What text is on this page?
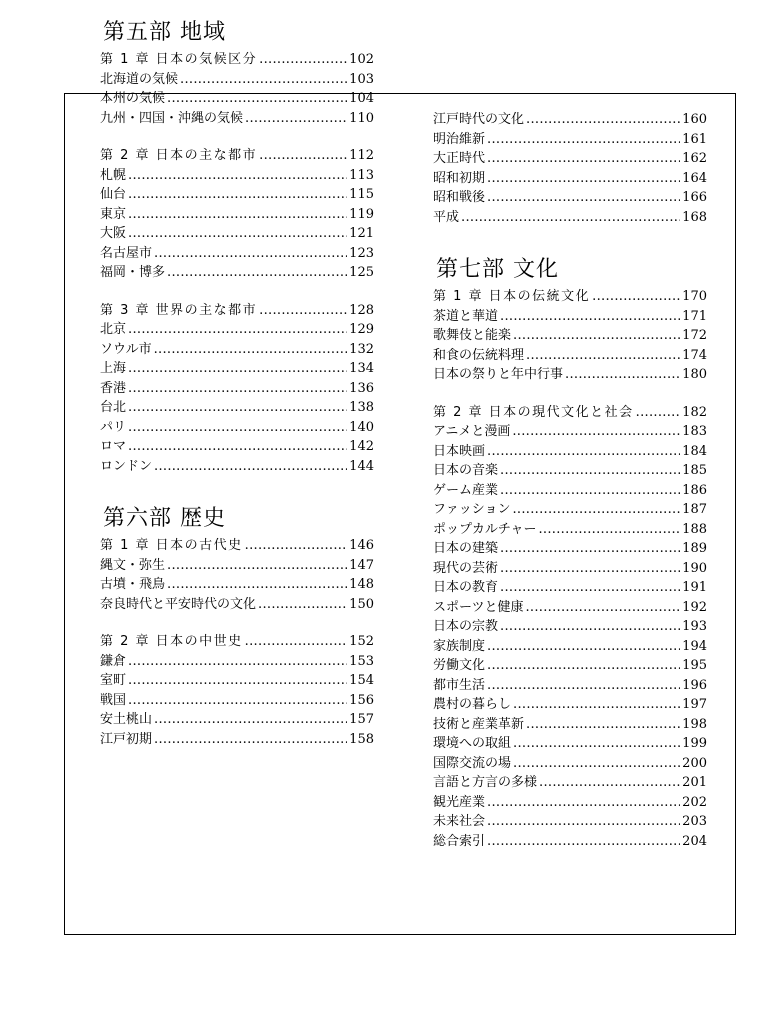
第五部 地域
第 1 章 日本の気候区分 .....	102
北海道の気候 .....	103
本州の気候 .....	104
九州・四国・沖縄の気候 .....	110
第 2 章 日本の主な都市 .....	112
札幌 .....	113
仙台 .....	115
東京 .....	119
大阪 .....	121
名古屋市 .....	123
福岡・博多 .....	125
第 3 章 世界の主な都市 .....	128
北京 .....	129
ソウル市 .....	132
上海 .....	134
香港 .....	136
台北 .....	138
パリ .....	140
ロマ .....	142
ロンドン .....	144
第六部 歴史
第 1 章 日本の古代史 .....	146
縄文・弥生 .....	147
古墳・飛鳥 .....	148
奈良時代と平安時代の文化 .....	150
第 2 章 日本の中世史 .....	152
鎌倉 .....	153
室町 .....	154
戦国 .....	156
安土桃山 .....	157
江戸初期 .....	158
江戸時代の文化 .....	160
明治維新 .....	161
大正時代 .....	162
昭和初期 .....	164
昭和戦後 .....	166
平成 .....	168
第七部 文化
第 1 章 日本の伝統文化 .....	170
茶道と華道 .....	171
歌舞伎と能楽 .....	172
和食の伝統料理 .....	174
日本の祭りと年中行事 .....	180
第 2 章 日本の現代文化と社会 .....	182
アニメと漫画 .....	183
日本映画 .....	184
日本の音楽 .....	185
ゲーム産業 .....	186
ファッション .....	187
ポップカルチャー .....	188
日本の建築 .....	189
現代の芸術 .....	190
日本の教育 .....	191
スポーツと健康 .....	192
日本の宗教 .....	193
家族制度 .....	194
労働文化 .....	195
都市生活 .....	196
農村の暮らし .....	197
技術と産業革新 .....	198
環境への取組 .....	199
国際交流の場 .....	200
言語と方言の多様 .....	201
観光産業 .....	202
未来社会 .....	203
総合索引 .....	204
